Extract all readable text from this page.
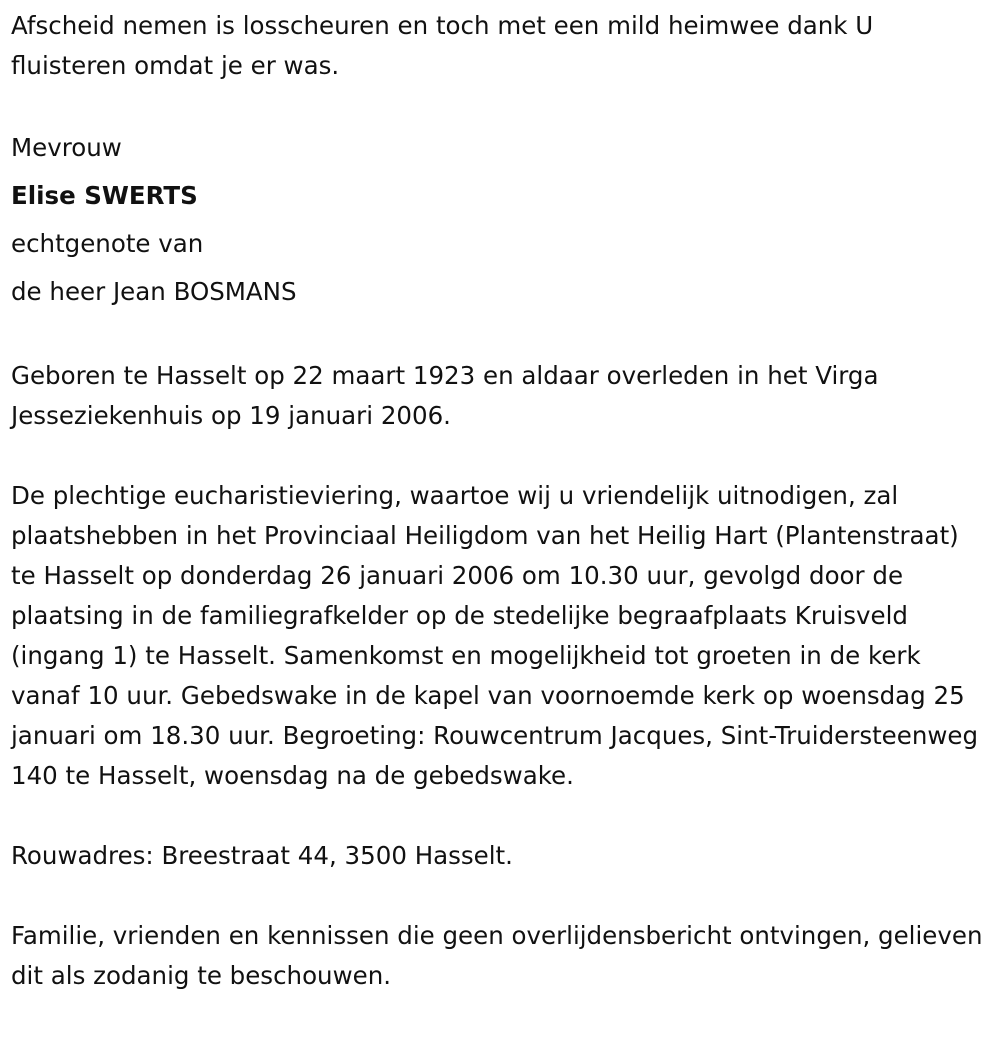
Afscheid nemen is losscheuren en toch met een mild heimwee dank U fluisteren omdat je er was.

Mevrouw

Elise SWERTS

echtgenote van

de heer Jean BOSMANS

Geboren te Hasselt op 22 maart 1923 en aldaar overleden in het Virga Jesseziekenhuis op 19 januari 2006.

De plechtige eucharistieviering, waartoe wij u vriendelijk uitnodigen, zal plaatshebben in het Provinciaal Heiligdom van het Heilig Hart (Plantenstraat) te Hasselt op donderdag 26 januari 2006 om 10.30 uur, gevolgd door de plaatsing in de familiegrafkelder op de stedelijke begraafplaats Kruisveld (ingang 1) te Hasselt. Samenkomst en mogelijkheid tot groeten in de kerk vanaf 10 uur. Gebedswake in de kapel van voornoemde kerk op woensdag 25 januari om 18.30 uur. Begroeting: Rouwcentrum Jacques, Sint-Truidersteenweg 140 te Hasselt, woensdag na de gebedswake.

Rouwadres: Breestraat 44, 3500 Hasselt.

Familie, vrienden en kennissen die geen overlijdensbericht ontvingen, gelieven dit als zodanig te beschouwen.
